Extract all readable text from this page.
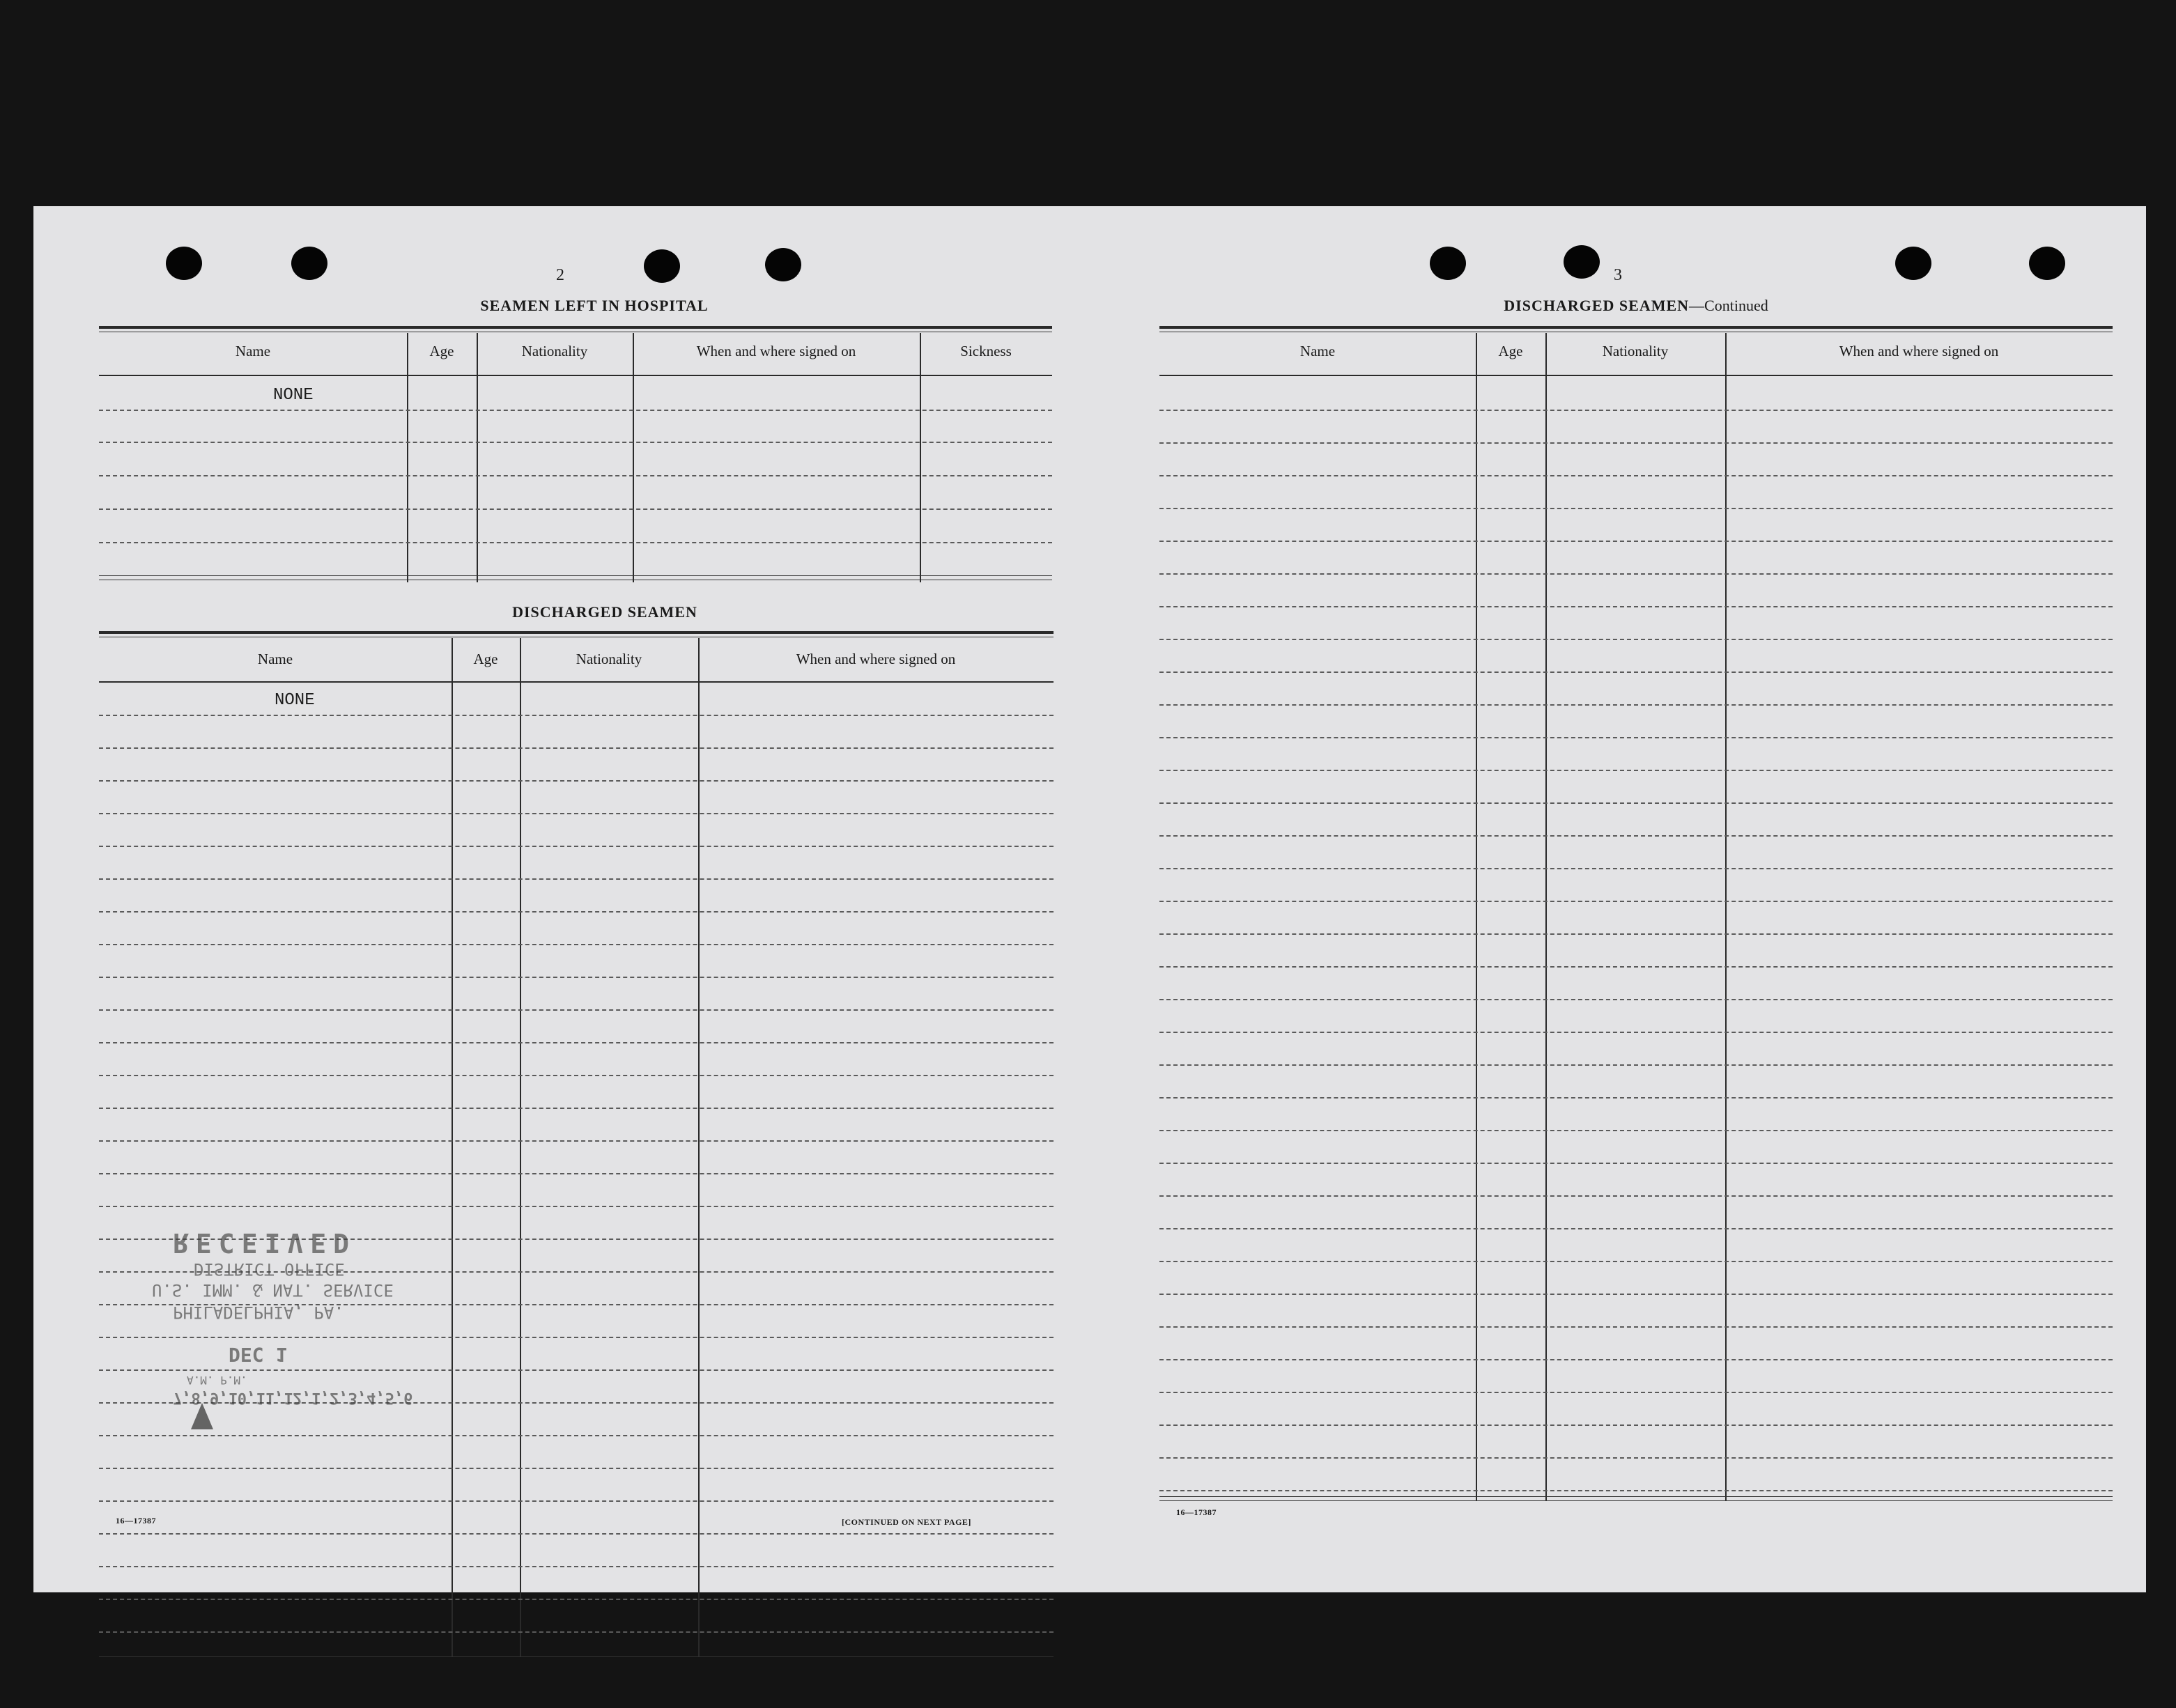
2
SEAMEN LEFT IN HOSPITAL
Name	Age	Nationality	When and where signed on	Sickness
NONE
DISCHARGED SEAMEN
Name	Age	Nationality	When and where signed on
NONE
16—17387	[CONTINUED ON NEXT PAGE]
3
DISCHARGED SEAMEN—Continued
Name	Age	Nationality	When and where signed on
16—17387
RECEIVED
DISTRICT OFFICE
U.S. IMM. & NAT. SERVICE
PHILADELPHIA, PA.
DEC 1
A.M. P.M.
7,8,9,10,11,12,1,2,3,4,5,6
